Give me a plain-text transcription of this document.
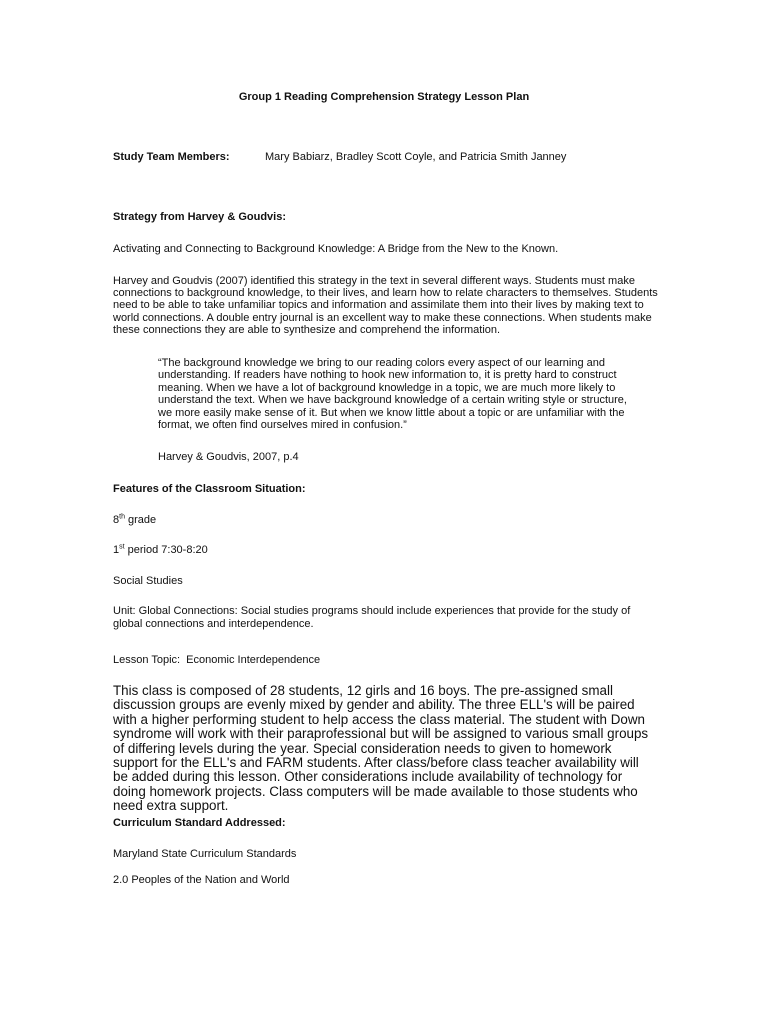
Group 1 Reading Comprehension Strategy Lesson Plan
Study Team Members:	Mary Babiarz, Bradley Scott Coyle, and Patricia Smith Janney
Strategy from Harvey & Goudvis:
Activating and Connecting to Background Knowledge: A Bridge from the New to the Known.
Harvey and Goudvis (2007) identified this strategy in the text in several different ways. Students must make connections to background knowledge, to their lives, and learn how to relate characters to themselves. Students need to be able to take unfamiliar topics and information and assimilate them into their lives by making text to world connections. A double entry journal is an excellent way to make these connections. When students make these connections they are able to synthesize and comprehend the information.
“The background knowledge we bring to our reading colors every aspect of our learning and understanding. If readers have nothing to hook new information to, it is pretty hard to construct meaning. When we have a lot of background knowledge in a topic, we are much more likely to understand the text. When we have background knowledge of a certain writing style or structure, we more easily make sense of it. But when we know little about a topic or are unfamiliar with the format, we often find ourselves mired in confusion.”
Harvey & Goudvis, 2007, p.4
Features of the Classroom Situation:
8th grade
1st period 7:30-8:20
Social Studies
Unit: Global Connections: Social studies programs should include experiences that provide for the study of global connections and interdependence.
Lesson Topic:  Economic Interdependence
This class is composed of 28 students, 12 girls and 16 boys. The pre-assigned small discussion groups are evenly mixed by gender and ability. The three ELL's will be paired with a higher performing student to help access the class material. The student with Down syndrome will work with their paraprofessional but will be assigned to various small groups of differing levels during the year. Special consideration needs to given to homework support for the ELL's and FARM students. After class/before class teacher availability will be added during this lesson. Other considerations include availability of technology for doing homework projects. Class computers will be made available to those students who need extra support.
Curriculum Standard Addressed:
Maryland State Curriculum Standards
2.0 Peoples of the Nation and World
